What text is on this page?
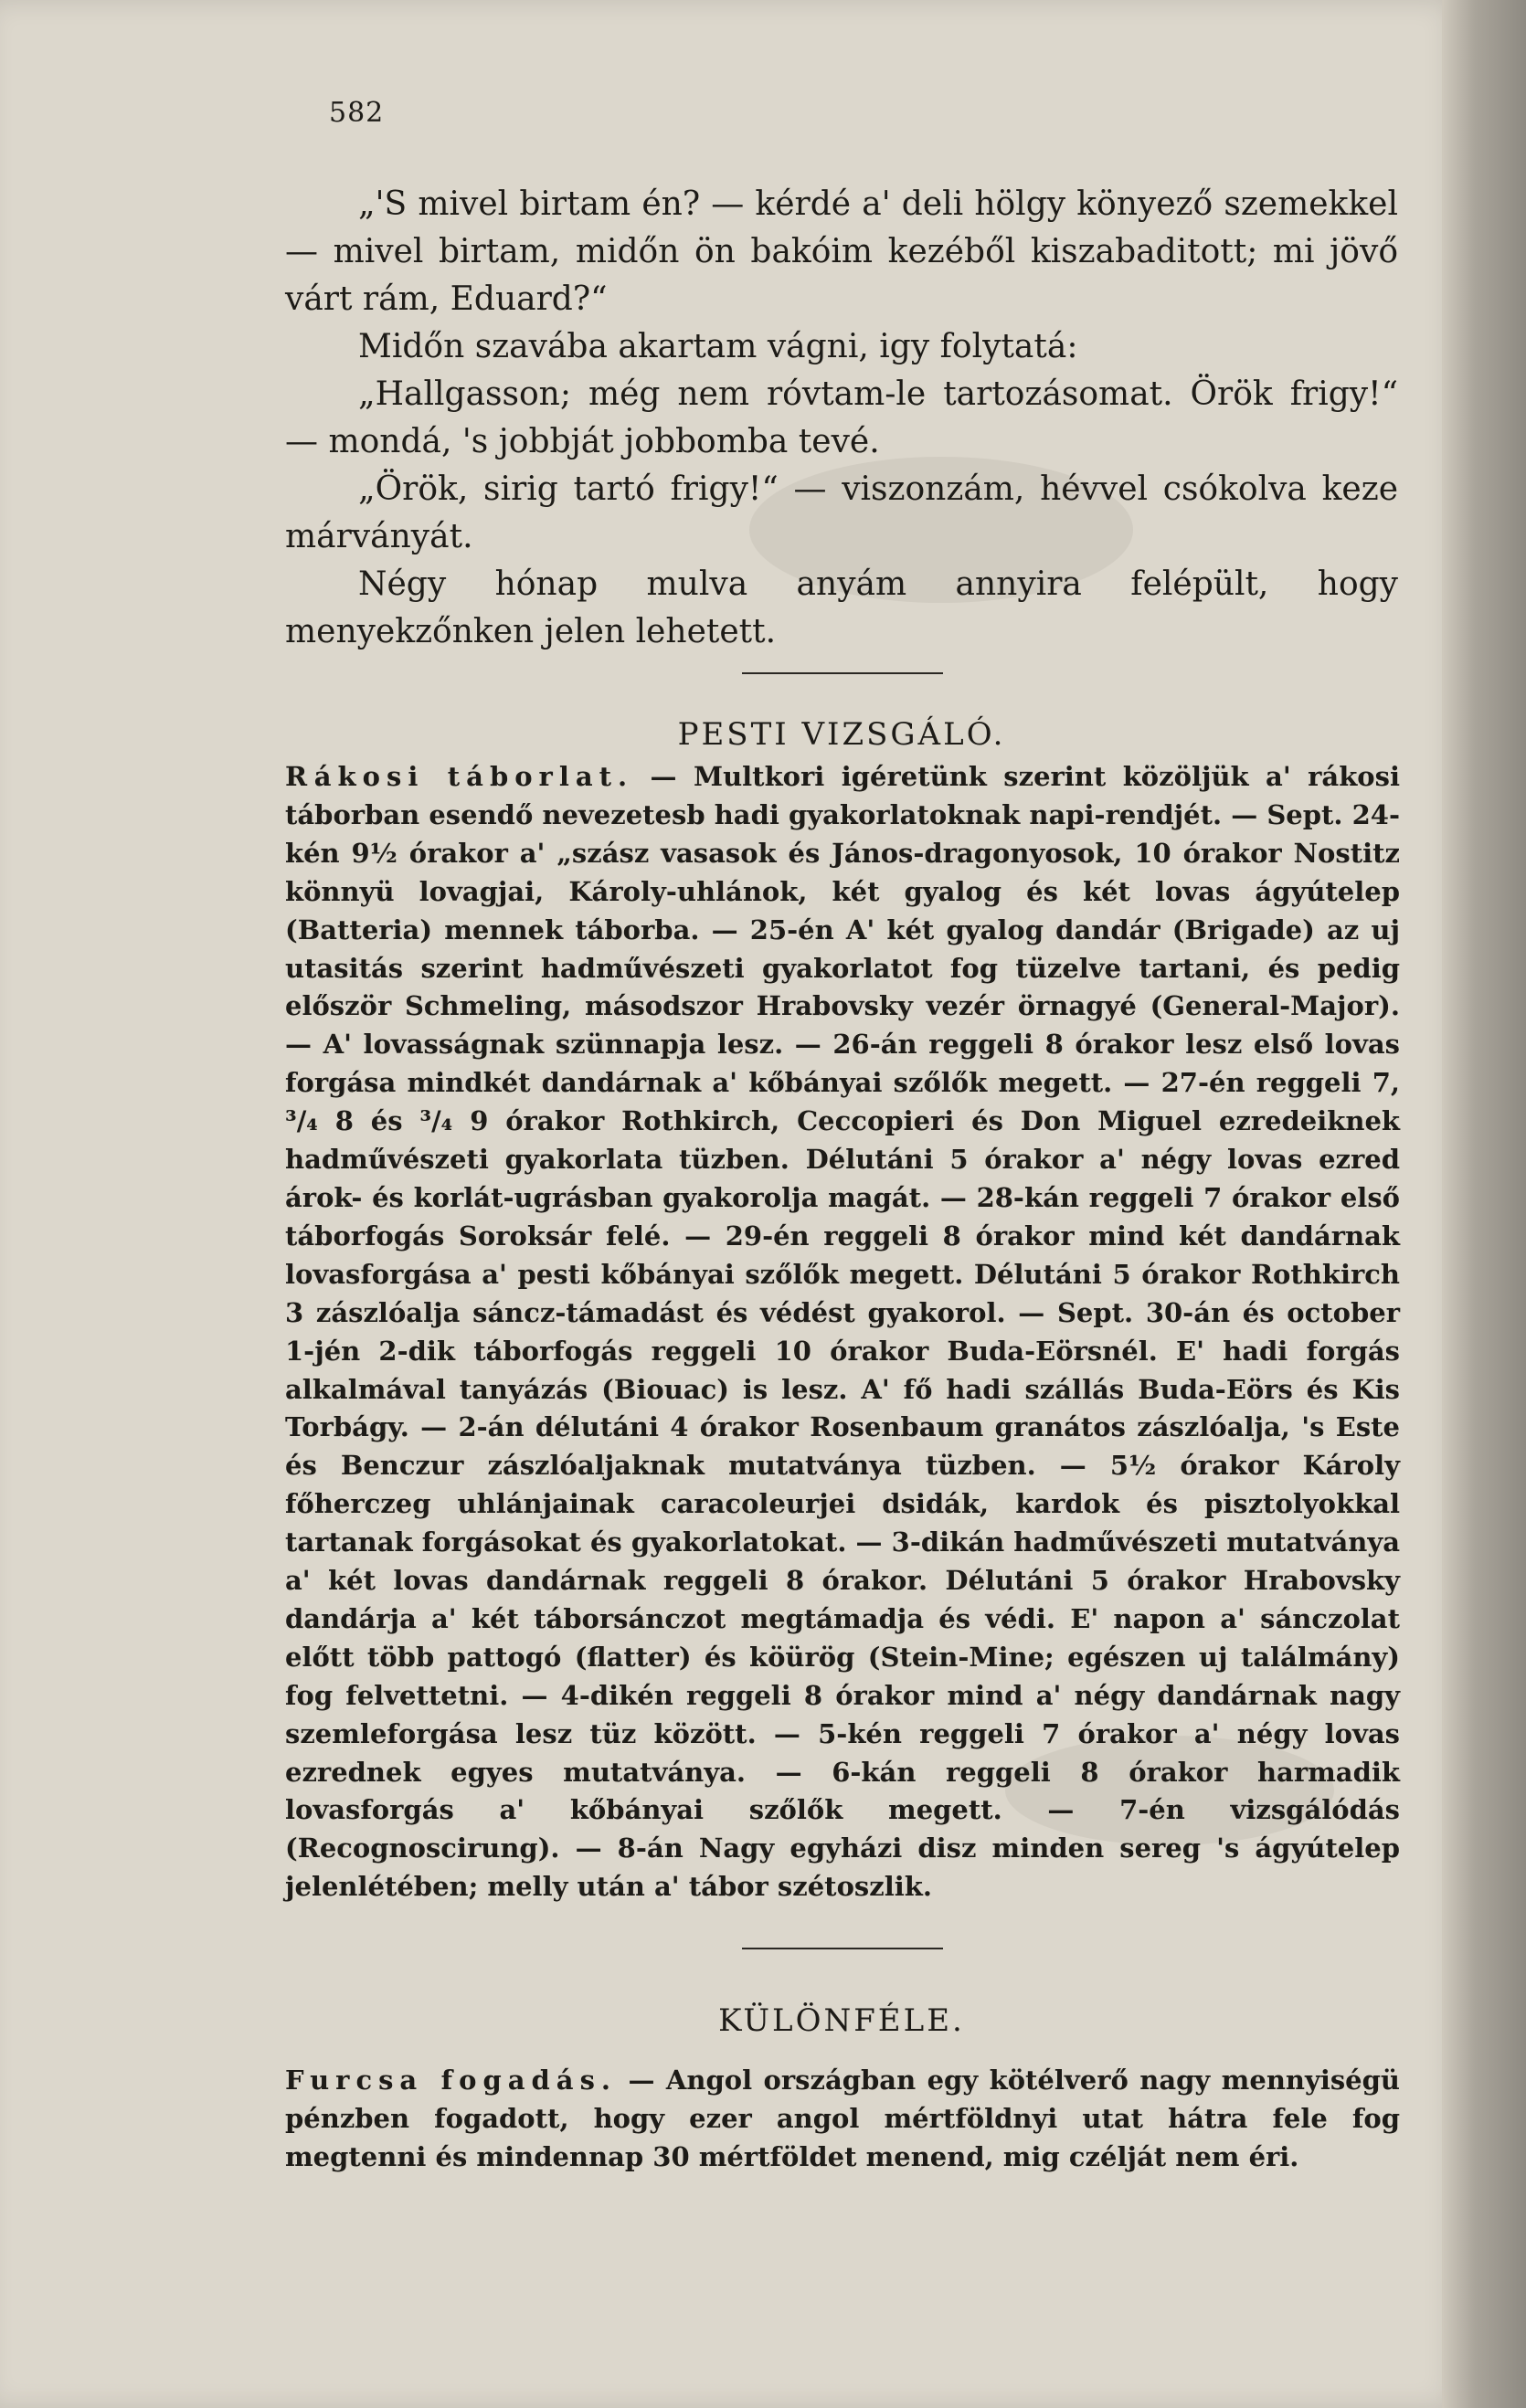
582

„'S mivel birtam én? — kérdé a' deli hölgy könyező szemekkel — mivel birtam, midőn ön bakóim kezéből kiszabaditott; mi jövő várt rám, Eduard?“

Midőn szavába akartam vágni, igy folytatá:

„Hallgasson; még nem róvtam-le tartozásomat. Örök frigy!“ — mondá, 's jobbját jobbomba tevé.

„Örök, sirig tartó frigy!“ — viszonzám, hévvel csókolva keze márványát.

Négy hónap mulva anyám annyira felépült, hogy menyekzőnken jelen lehetett.

PESTI VIZSGÁLÓ.
Rákosi táborlat. — Multkori igéretünk szerint közöljük a' rákosi táborban esendő nevezetesb hadi gyakorlatoknak napi-rendjét. — Sept. 24-kén 9½ órakor a' „szász vasasok és János-dragonyosok, 10 órakor Nostitz könnyü lovagjai, Károly-uhlánok, két gyalog és két lovas ágyútelep (Batteria) mennek táborba. — 25-én A' két gyalog dandár (Brigade) az uj utasitás szerint hadművészeti gyakorlatot fog tüzelve tartani, és pedig először Schmeling, másodszor Hrabovsky vezér örnagyé (General-Major). — A' lovasságnak szünnapja lesz. — 26-án reggeli 8 órakor lesz első lovas forgása mindkét dandárnak a' kőbányai szőlők megett. — 27-én reggeli 7, ³/₄ 8 és ³/₄ 9 órakor Rothkirch, Ceccopieri és Don Miguel ezredeiknek hadművészeti gyakorlata tüzben. Délutáni 5 órakor a' négy lovas ezred árok- és korlát-ugrásban gyakorolja magát. — 28-kán reggeli 7 órakor első táborfogás Soroksár felé. — 29-én reggeli 8 órakor mind két dandárnak lovasforgása a' pesti kőbányai szőlők megett. Délutáni 5 órakor Rothkirch 3 zászlóalja sáncz-támadást és védést gyakorol. — Sept. 30-án és october 1-jén 2-dik táborfogás reggeli 10 órakor Buda-Eörsnél. E' hadi forgás alkalmával tanyázás (Biouac) is lesz. A' fő hadi szállás Buda-Eörs és Kis Torbágy. — 2-án délutáni 4 órakor Rosenbaum granátos zászlóalja, 's Este és Benczur zászlóaljaknak mutatványa tüzben. — 5½ órakor Károly főherczeg uhlánjainak caracoleurjei dsidák, kardok és pisztolyokkal tartanak forgásokat és gyakorlatokat. — 3-dikán hadművészeti mutatványa a' két lovas dandárnak reggeli 8 órakor. Délutáni 5 órakor Hrabovsky dandárja a' két táborsánczot megtámadja és védi. E' napon a' sánczolat előtt több pattogó (flatter) és köürög (Stein-Mine; egészen uj találmány) fog felvettetni. — 4-dikén reggeli 8 órakor mind a' négy dandárnak nagy szemleforgása lesz tüz között. — 5-kén reggeli 7 órakor a' négy lovas ezrednek egyes mutatványa. — 6-kán reggeli 8 órakor harmadik lovasforgás a' kőbányai szőlők megett. — 7-én vizsgálódás (Recognoscirung). — 8-án Nagy egyházi disz minden sereg 's ágyútelep jelenlétében; melly után a' tábor szétoszlik.
KÜLÖNFÉLE.
Furcsa fogadás. — Angol országban egy kötélverő nagy mennyiségü pénzben fogadott, hogy ezer angol mértföldnyi utat hátra fele fog megtenni és mindennap 30 mértföldet menend, mig czélját nem éri.
